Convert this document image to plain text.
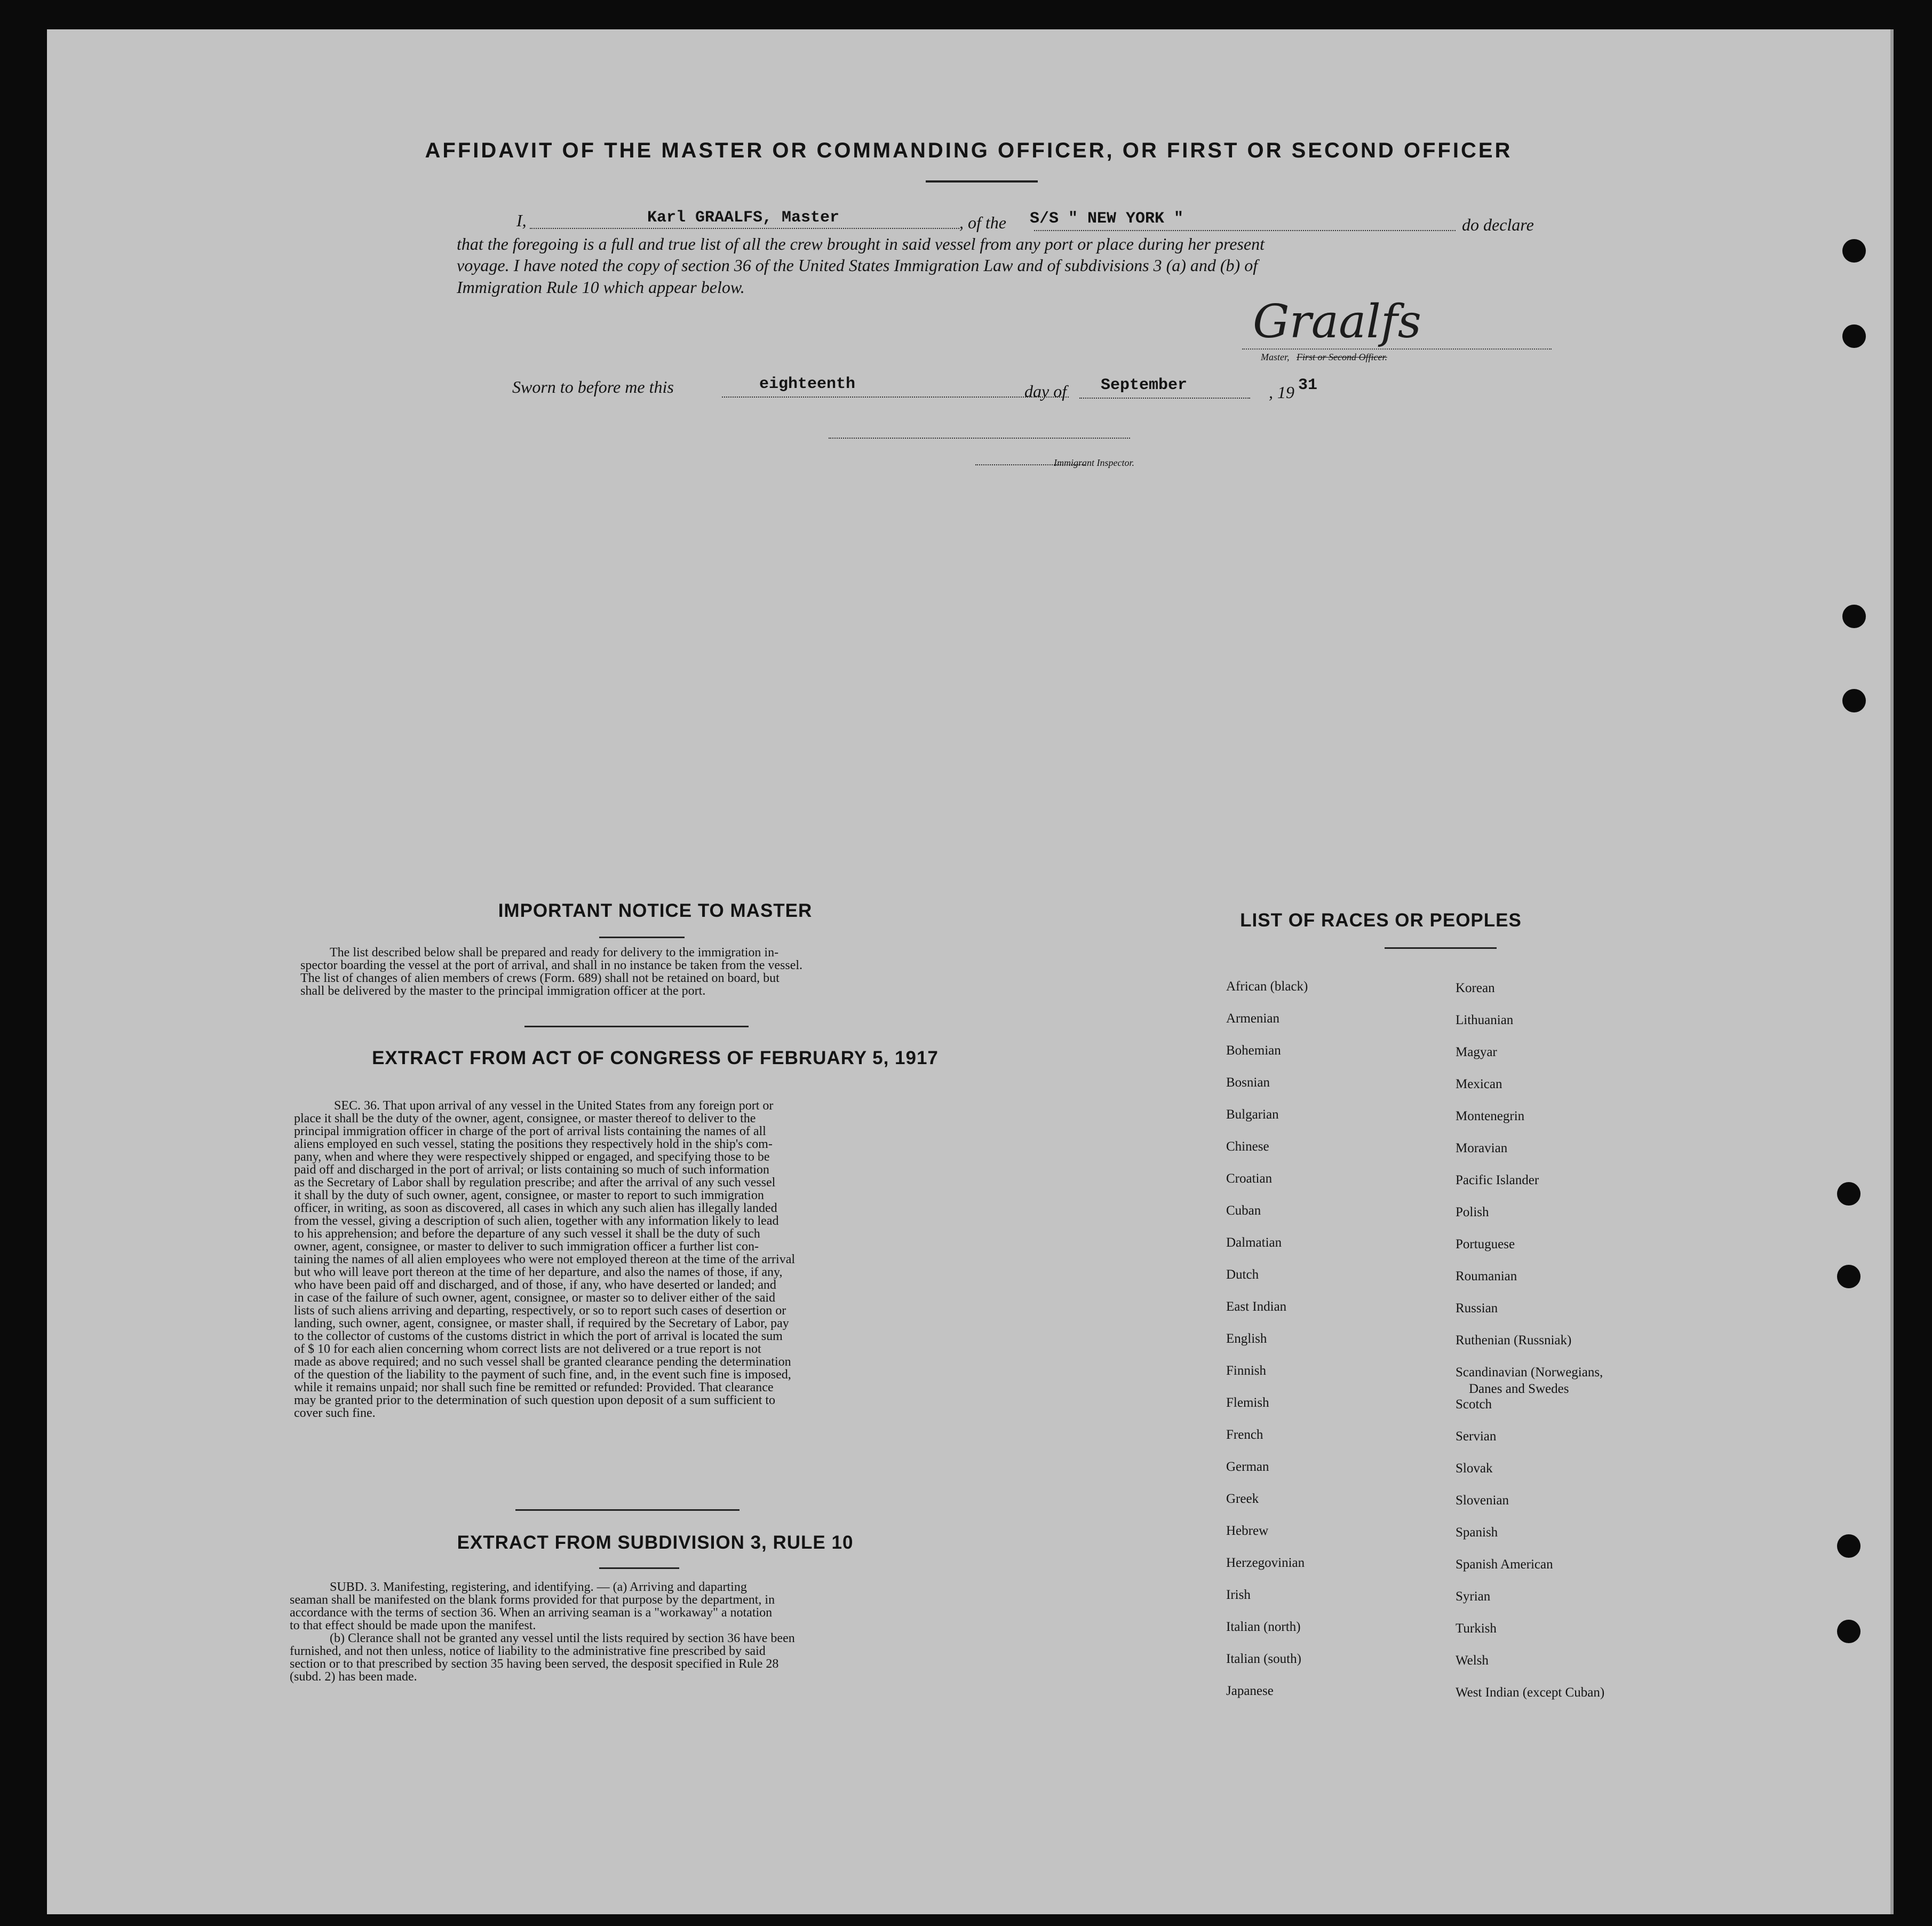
AFFIDAVIT OF THE MASTER OR COMMANDING OFFICER, OR FIRST OR SECOND OFFICER
I,	Karl GRAALFS, Master	, of the S/S " NEW YORK "	do declare
that the foregoing is a full and true list of all the crew brought in said vessel from any port or place during her present
voyage. I have noted the copy of section 36 of the United States Immigration Law and of subdivisions 3 (a) and (b) of
Immigration Rule 10 which appear below.
Graalfs
Master, First or Second Officer.
Sworn to before me this	eighteenth	day of September	, 19 31
Immigrant Inspector.
IMPORTANT NOTICE TO MASTER
The list described below shall be prepared and ready for delivery to the immigration in-
spector boarding the vessel at the port of arrival, and shall in no instance be taken from the vessel.
The list of changes of alien members of crews (Form. 689) shall not be retained on board, but
shall be delivered by the master to the principal immigration officer at the port.
EXTRACT FROM ACT OF CONGRESS OF FEBRUARY 5, 1917
SEC. 36. That upon arrival of any vessel in the United States from any foreign port or
place it shall be the duty of the owner, agent, consignee, or master thereof to deliver to the
principal immigration officer in charge of the port of arrival lists containing the names of all
aliens employed en such vessel, stating the positions they respectively hold in the ship's com-
pany, when and where they were respectively shipped or engaged, and specifying those to be
paid off and discharged in the port of arrival; or lists containing so much of such information
as the Secretary of Labor shall by regulation prescribe; and after the arrival of any such vessel
it shall by the duty of such owner, agent, consignee, or master to report to such immigration
officer, in writing, as soon as discovered, all cases in which any such alien has illegally landed
from the vessel, giving a description of such alien, together with any information likely to lead
to his apprehension; and before the departure of any such vessel it shall be the duty of such
owner, agent, consignee, or master to deliver to such immigration officer a further list con-
taining the names of all alien employees who were not employed thereon at the time of the arrival
but who will leave port thereon at the time of her departure, and also the names of those, if any,
who have been paid off and discharged, and of those, if any, who have deserted or landed; and
in case of the failure of such owner, agent, consignee, or master so to deliver either of the said
lists of such aliens arriving and departing, respectively, or so to report such cases of desertion or
landing, such owner, agent, consignee, or master shall, if required by the Secretary of Labor, pay
to the collector of customs of the customs district in which the port of arrival is located the sum
of $ 10 for each alien concerning whom correct lists are not delivered or a true report is not
made as above required; and no such vessel shall be granted clearance pending the determination
of the question of the liability to the payment of such fine, and, in the event such fine is imposed,
while it remains unpaid; nor shall such fine be remitted or refunded: Provided. That clearance
may be granted prior to the determination of such question upon deposit of a sum sufficient to
cover such fine.
EXTRACT FROM SUBDIVISION 3, RULE 10
SUBD. 3. Manifesting, registering, and identifying. — (a) Arriving and daparting
seaman shall be manifested on the blank forms provided for that purpose by the department, in
accordance with the terms of section 36. When an arriving seaman is a "workaway" a notation
to that effect should be made upon the manifest.
(b) Clerance shall not be granted any vessel until the lists required by section 36 have been
furnished, and not then unless, notice of liability to the administrative fine prescribed by said
section or to that prescribed by section 35 having been served, the desposit specified in Rule 28
(subd. 2) has been made.
LIST OF RACES OR PEOPLES
African (black)
Armenian
Bohemian
Bosnian
Bulgarian
Chinese
Croatian
Cuban
Dalmatian
Dutch
East Indian
English
Finnish
Flemish
French
German
Greek
Hebrew
Herzegovinian
Irish
Italian (north)
Italian (south)
Japanese
Korean
Lithuanian
Magyar
Mexican
Montenegrin
Moravian
Pacific Islander
Polish
Portuguese
Roumanian
Russian
Ruthenian (Russniak)
Scandinavian (Norwegians,
Scotch
Servian
Slovak
Slovenian
Spanish
Spanish American
Syrian
Turkish
Welsh
West Indian (except Cuban)
Danes and Swedes
